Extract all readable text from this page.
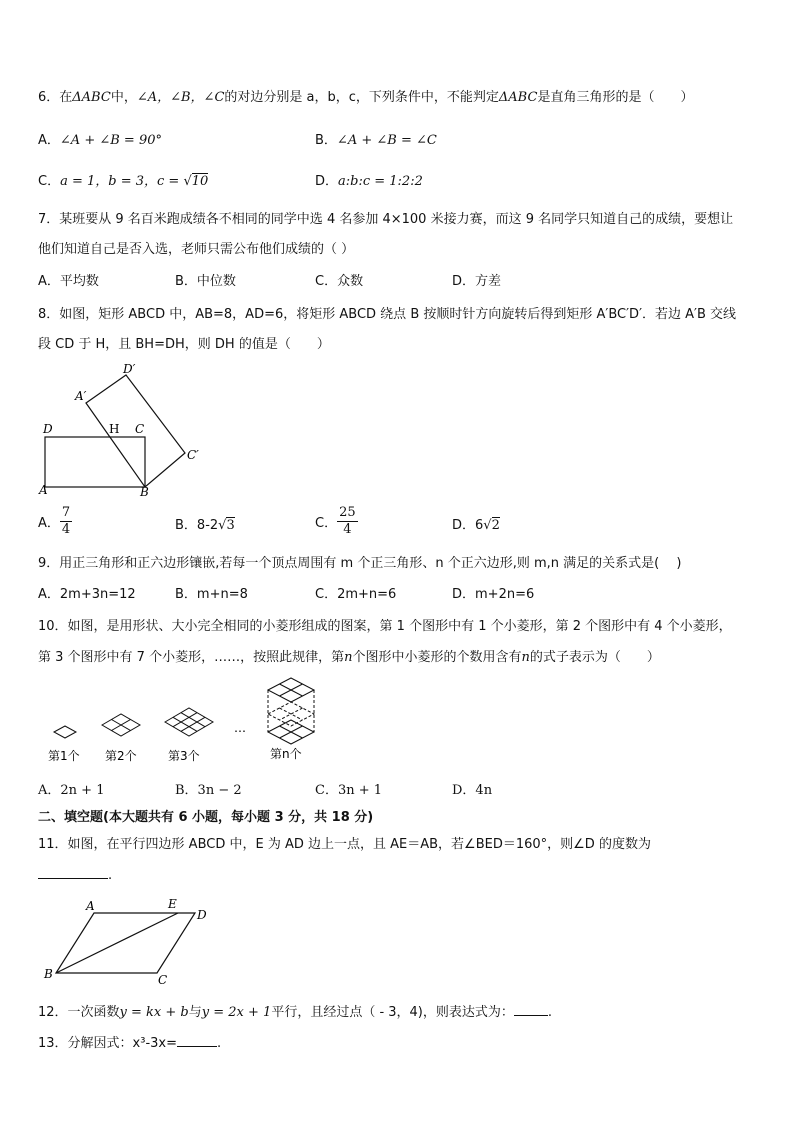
6．在ΔABC中，∠A，∠B，∠C的对边分别是 a，b，c，下列条件中，不能判定ΔABC是直角三角形的是（　　）
A．∠A + ∠B = 90°	B．∠A + ∠B = ∠C
C．a = 1，b = 3，c = √10	D．a:b:c = 1:2:2
7．某班要从 9 名百米跑成绩各不相同的同学中选 4 名参加 4×100 米接力赛，而这 9 名同学只知道自己的成绩，要想让
他们知道自己是否入选，老师只需公布他们成绩的（ ）
A．平均数	B．中位数	C．众数	D．方差
8．如图，矩形 ABCD 中，AB=8，AD=6，将矩形 ABCD 绕点 B 按顺时针方向旋转后得到矩形 A′BC′D′．若边 A′B 交线
段 CD 于 H，且 BH=DH，则 DH 的值是（　　）
D′
A′
D	H C
C′
A	B
A． $\frac{7}{4}$	B．8-2√3	C． $\frac{25}{4}$	D．6√2
9．用正三角形和正六边形镶嵌,若每一个顶点周围有 m 个正三角形、n 个正六边形,则 m,n 满足的关系式是(　 )
A．2m+3n=12	B．m+n=8	C．2m+n=6	D．m+2n=6
10．如图，是用形状、大小完全相同的小菱形组成的图案，第 1 个图形中有 1 个小菱形，第 2 个图形中有 4 个小菱形，
第 3 个图形中有 7 个小菱形，……，按照此规律，第n个图形中小菱形的个数用含有n的式子表示为（　　）
第1个 第2个	第3个
…
第n个
A．2n + 1	B．3n − 2	C．3n + 1	D．4n
二、填空题(本大题共有 6 小题，每小题 3 分，共 18 分)
11．如图，在平行四边形 ABCD 中，E 为 AD 边上一点，且 AE＝AB，若∠BED＝160°，则∠D 的度数为
.
A	E
D
B	C
12．一次函数y = kx + b与y = 2x + 1平行，且经过点（ - 3，4)，则表达式为：	.
13．分解因式：x³-3x=	.
